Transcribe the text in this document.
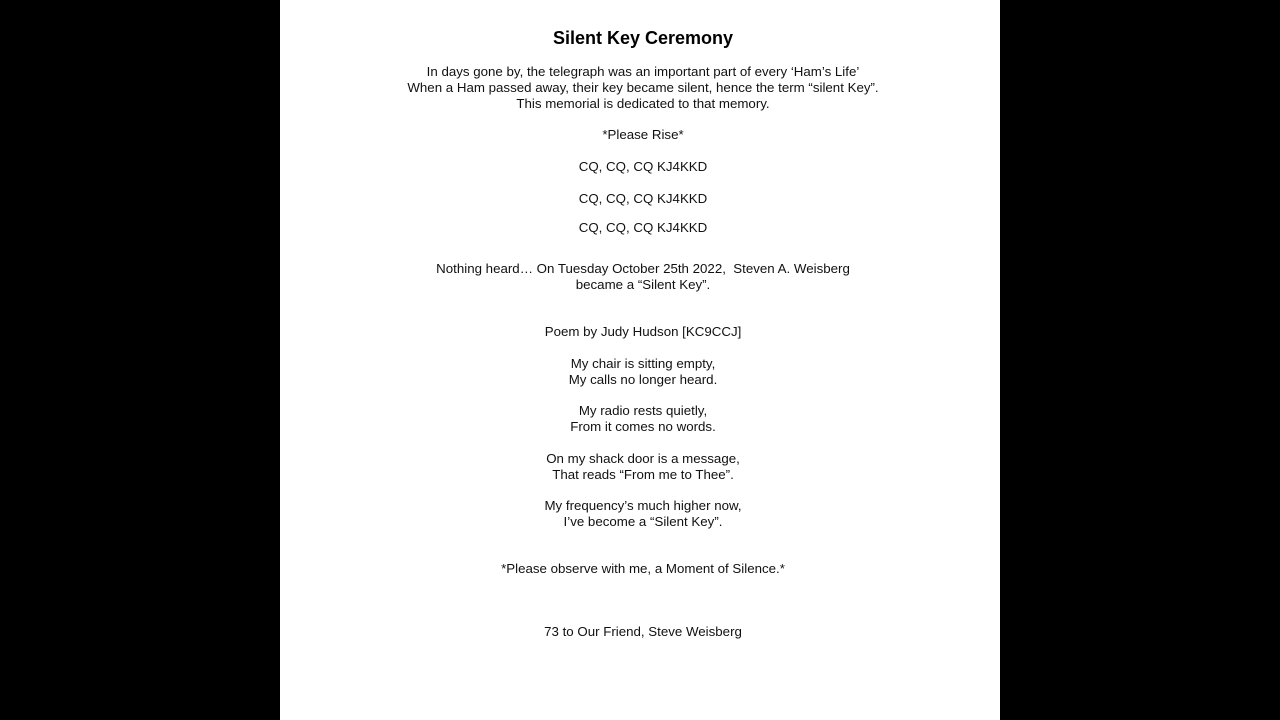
Silent Key Ceremony
In days gone by, the telegraph was an important part of every ‘Ham’s Life’
When a Ham passed away, their key became silent, hence the term “silent Key”.
This memorial is dedicated to that memory.
*Please Rise*
CQ, CQ, CQ KJ4KKD
CQ, CQ, CQ KJ4KKD
CQ, CQ, CQ KJ4KKD
Nothing heard… On Tuesday October 25th 2022,  Steven A. Weisberg
became a “Silent Key”.
Poem by Judy Hudson [KC9CCJ]
My chair is sitting empty,
My calls no longer heard.
My radio rests quietly,
From it comes no words.
On my shack door is a message,
That reads “From me to Thee”.
My frequency’s much higher now,
I’ve become a “Silent Key”.
*Please observe with me, a Moment of Silence.*
73 to Our Friend, Steve Weisberg
